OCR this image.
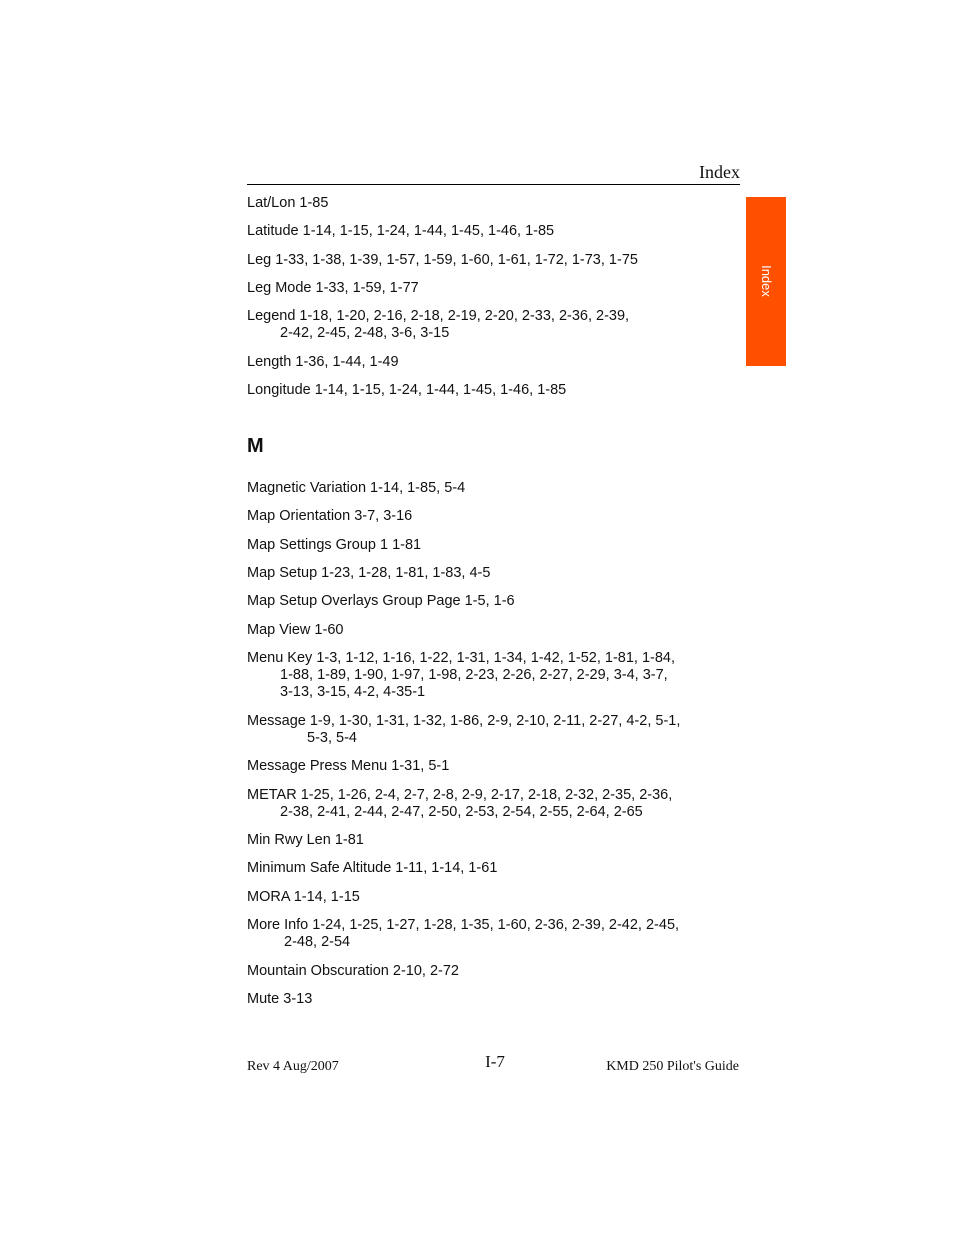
Index
Index
Lat/Lon 1-85
Latitude 1-14, 1-15, 1-24, 1-44, 1-45, 1-46, 1-85
Leg 1-33, 1-38, 1-39, 1-57, 1-59, 1-60, 1-61, 1-72, 1-73, 1-75
Leg Mode 1-33, 1-59, 1-77
Legend 1-18, 1-20, 2-16, 2-18, 2-19, 2-20, 2-33, 2-36, 2-39,
2-42, 2-45, 2-48, 3-6, 3-15
Length 1-36, 1-44, 1-49
Longitude 1-14, 1-15, 1-24, 1-44, 1-45, 1-46, 1-85
M
Magnetic Variation 1-14, 1-85, 5-4
Map Orientation 3-7, 3-16
Map Settings Group 1 1-81
Map Setup 1-23, 1-28, 1-81, 1-83, 4-5
Map Setup Overlays Group Page 1-5, 1-6
Map View 1-60
Menu Key 1-3, 1-12, 1-16, 1-22, 1-31, 1-34, 1-42, 1-52, 1-81, 1-84,
1-88, 1-89, 1-90, 1-97, 1-98, 2-23, 2-26, 2-27, 2-29, 3-4, 3-7,
3-13, 3-15, 4-2, 4-35-1
Message 1-9, 1-30, 1-31, 1-32, 1-86, 2-9, 2-10, 2-11, 2-27, 4-2, 5-1,
5-3, 5-4
Message Press Menu 1-31, 5-1
METAR 1-25, 1-26, 2-4, 2-7, 2-8, 2-9, 2-17, 2-18, 2-32, 2-35, 2-36,
2-38, 2-41, 2-44, 2-47, 2-50, 2-53, 2-54, 2-55, 2-64, 2-65
Min Rwy Len 1-81
Minimum Safe Altitude 1-11, 1-14, 1-61
MORA 1-14, 1-15
More Info 1-24, 1-25, 1-27, 1-28, 1-35, 1-60, 2-36, 2-39, 2-42, 2-45,
2-48, 2-54
Mountain Obscuration 2-10, 2-72
Mute 3-13
Rev 4 Aug/2007	I-7	KMD 250 Pilot's Guide
